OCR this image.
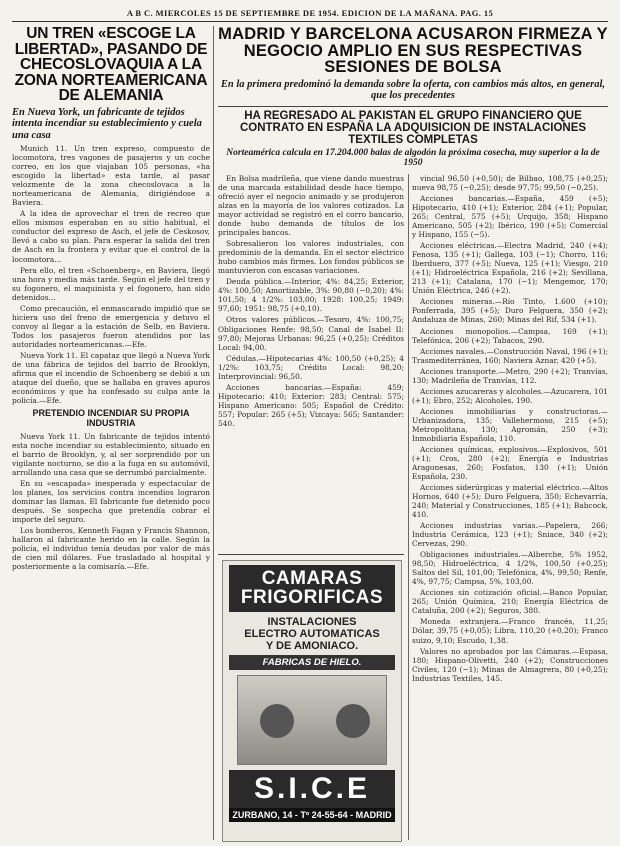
A B C. MIERCOLES 15 DE SEPTIEMBRE DE 1954. EDICION DE LA MAÑANA. PAG. 15
UN TREN «ESCOGE LA LIBERTAD», PASANDO DE CHECOSLOVAQUIA A LA ZONA NORTEAMERICANA DE ALEMANIA
En Nueva York, un fabricante de tejidos intenta incendiar su establecimiento y cuela una casa

Munich 11. Un tren expreso, compuesto de locomotora, tres vagones de pasajeros y un coche correo, en los que viajaban 105 personas, «ha escogido la libertad» esta tarde, al pasar velozmente de la zona checoslovaca a la norteamericana de Alemania, dirigiéndose a Baviera.

A la idea de aprovechar el tren de recreo que ellos mismos esperaban en su sitio habitual, el conductor del expreso de Asch, el jefe de Ceskosov, llevó a cabo su plan. Para esperar la salida del tren de Asch en la frontera y evitar que el control de la locomotora...

Pera ello, el tren «Schoenberg», en Baviera, llegó una hora y media más tarde. Según el jefe del tren y su fogonero, el maquinista y el fogonero, han sido detenidos...

Como precaución, el enmascarado impidió que se hiciera uso del freno de emergencia y detuvo el convoy al llegar a la estación de Selb, en Baviera. Todos los pasajeros fueron atendidos por las autoridades norteamericanas.—Efe.

Nueva York 11. El capataz que llegó a Nueva York de una fábrica de tejidos del barrio de Brooklyn, afirma que el incendio de Schoenberg se debió a un ataque del dueño, que se hallaba en graves apuros económicos y que ha confesado su culpa ante la policía.—Efe.

PRETENDIO INCENDIAR SU PROPIA INDUSTRIA

Nueva York 11. Un fabricante de tejidos intentó esta noche incendiar su establecimiento, situado en el barrio de Brooklyn, y, al ser sorprendido por un vigilante nocturno, se dio a la fuga en su automóvil, arrollando una casa que se derrumbó parcialmente.

En su «escapada» inesperada y espectacular de los planes, los servicios contra incendios lograron dominar las llamas. El fabricante fue detenido poco después. Se sospecha que pretendía cobrar el importe del seguro.

Los bomberos, Kenneth Fagan y Francis Shannon, hallaron al fabricante herido en la calle. Según la policía, el individuo tenía deudas por valor de más de cien mil dólares. Fue trasladado al hospital y posteriormente a la comisaría.—Efe.

MADRID Y BARCELONA ACUSARON FIRMEZA Y NEGOCIO AMPLIO EN SUS RESPECTIVAS SESIONES DE BOLSA
En la primera predominó la demanda sobre la oferta, con cambios más altos, en general, que los precedentes
HA REGRESADO AL PAKISTAN EL GRUPO FINANCIERO QUE CONTRATO EN ESPAÑA LA ADQUISICION DE INSTALACIONES TEXTILES COMPLETAS
Norteamérica calcula en 17.204.000 balas de algodón la próxima cosecha, muy superior a la de 1950

En Bolsa madrileña, que viene dando muestras de una marcada estabilidad desde hace tiempo, ofreció ayer el negocio animado y se produjeron alzas en la mayoría de los valores cotizados. La mayor actividad se registró en el corro bancario, donde hubo demanda de títulos de los principales bancos.

Sobresalieron los valores industriales, con predominio de la demanda. En el sector eléctrico hubo cambios más firmes. Los fondos públicos se mantuvieron con escasas variaciones.

Deuda pública.—Interior, 4%: 84,25; Exterior, 4%: 100,50; Amortizable, 3%: 90,80 (−0,20); 4%: 101,50; 4 1/2%: 103,00; 1928: 100,25; 1949: 97,60; 1951: 98,75 (+0,10).

Otros valores públicos.—Tesoro, 4%: 100,75; Obligaciones Renfe: 98,50; Canal de Isabel II: 97,80; Mejoras Urbanas: 96,25 (+0,25); Créditos Local: 94,00.

Cédulas.—Hipotecarias 4%: 100,50 (+0,25); 4 1/2%: 103,75; Crédito Local: 98,20; Interprovincial: 96,50.

Acciones bancarias.—España: 459; Hipotecario: 410; Exterior: 283; Central: 575; Hispano Americano: 505; Español de Crédito: 557; Popular: 265 (+5); Vizcaya: 565; Santander: 540.

CAMARAS FRIGORIFICAS
INSTALACIONES
ELECTRO AUTOMATICAS
Y DE AMONIACO.
FABRICAS DE HIELO.
S.I.C.E
ZURBANO, 14 - Tº 24-55-64 - MADRID

vincial 96,50 (+0,50); de Bilbao, 108,75 (+0,25); nueva 98,75 (−0,25); desde 97,75; 99,50 (−0,25).

Acciones bancarias.—España, 459 (+5); Hipotecario, 410 (+1); Exterior, 284 (+1); Popular, 265; Central, 575 (+5); Urquijo, 358; Hispano Americano, 505 (+2); Ibérico, 190 (+5); Comercial y Hispano, 155 (−5).

Acciones eléctricas.—Electra Madrid, 240 (+4); Fenosa, 135 (+1); Gallega, 103 (−1); Chorro, 116; Iberduero, 377 (+5); Nueva, 125 (+1); Viesgo, 210 (+1); Hidroeléctrica Española, 216 (+2); Sevillana, 213 (+1); Catalana, 170 (−1); Mengemor, 170; Unión Eléctrica, 246 (+2).

Acciones mineras.—Río Tinto, 1.600 (+10); Ponferrada, 395 (+5); Duro Felguera, 350 (+2); Andaluza de Minas, 260; Minas del Rif, 534 (+1).

Acciones monopolios.—Campsa, 169 (+1); Telefónica, 206 (+2); Tabacos, 290.

Acciones navales.—Construcción Naval, 196 (+1); Trasmediterránea, 160; Naviera Aznar, 420 (+5).

Acciones transporte.—Metro, 290 (+2); Tranvías, 130; Madrileña de Tranvías, 112.

Acciones azucareras y alcoholes.—Azucarera, 101 (+1); Ebro, 252; Alcoholes, 190.

Acciones inmobiliarias y constructoras.—Urbanizadora, 135; Vallehermoso, 215 (+5); Metropolitana, 130; Agromán, 250 (+3); Inmobiliaria Española, 110.

Acciones químicas, explosivos.—Explosivos, 501 (+1); Cros, 280 (+2); Energía e Industrias Aragonesas, 260; Fosfatos, 130 (+1); Unión Española, 230.

Acciones siderúrgicas y material eléctrico.—Altos Hornos, 640 (+5); Duro Felguera, 350; Echevarría, 240; Material y Construcciones, 185 (+1); Babcock, 410.

Acciones industrias varias.—Papelera, 266; Industria Cerámica, 123 (+1); Sniace, 340 (+2); Cervezas, 290.

Obligaciones industriales.—Alberche, 5% 1952, 98,50; Hidroeléctrica, 4 1/2%, 100,50 (+0,25); Saltos del Sil, 101,00; Telefónica, 4%, 99,50; Renfe, 4%, 97,75; Campsa, 5%, 103,00.

Acciones sin cotización oficial.—Banco Popular, 265; Unión Química, 210; Energía Eléctrica de Cataluña, 200 (+2); Seguros, 380.

Moneda extranjera.—Franco francés, 11,25; Dólar, 39,75 (+0,05); Libra, 110,20 (+0,20); Franco suizo, 9,10; Escudo, 1,38.

Valores no aprobados por las Cámaras.—Espasa, 180; Hispano-Olivetti, 240 (+2); Construcciones Civiles, 120 (−1); Minas de Almagrera, 80 (+0,25); Industrias Textiles, 145.
